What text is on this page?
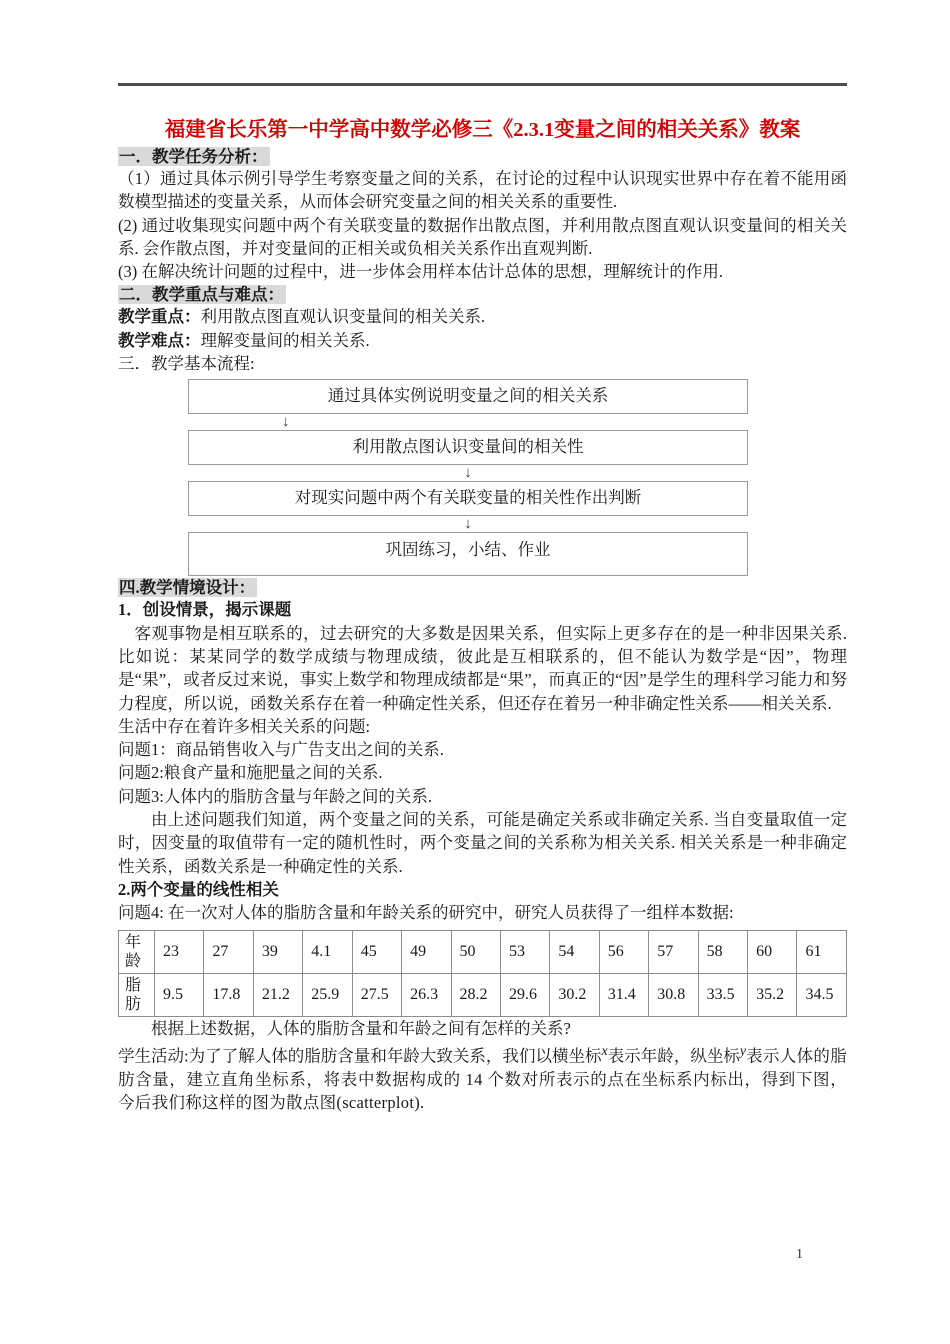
福建省长乐第一中学高中数学必修三《2.3.1变量之间的相关关系》教案
一．教学任务分析：

（1）通过具体示例引导学生考察变量之间的关系，在讨论的过程中认识现实世界中存在着不能用函数模型描述的变量关系，从而体会研究变量之间的相关关系的重要性.

(2) 通过收集现实问题中两个有关联变量的数据作出散点图，并利用散点图直观认识变量间的相关关系. 会作散点图，并对变量间的正相关或负相关关系作出直观判断.

(3) 在解决统计问题的过程中，进一步体会用样本估计总体的思想，理解统计的作用.

二．教学重点与难点：

教学重点：利用散点图直观认识变量间的相关关系.

教学难点：理解变量间的相关关系.

三．教学基本流程:

通过具体实例说明变量之间的相关关系
↓
利用散点图认识变量间的相关性
↓
对现实问题中两个有关联变量的相关性作出判断
↓
巩固练习，小结、作业
四.教学情境设计：

1．创设情景，揭示课题

客观事物是相互联系的，过去研究的大多数是因果关系，但实际上更多存在的是一种非因果关系. 比如说：某某同学的数学成绩与物理成绩，彼此是互相联系的，但不能认为数学是“因”，物理是“果”，或者反过来说，事实上数学和物理成绩都是“果”，而真正的“因”是学生的理科学习能力和努力程度，所以说，函数关系存在着一种确定性关系，但还存在着另一种非确定性关系——相关关系.

生活中存在着许多相关关系的问题:

问题1：商品销售收入与广告支出之间的关系.

问题2:粮食产量和施肥量之间的关系.

问题3:人体内的脂肪含量与年龄之间的关系.

由上述问题我们知道，两个变量之间的关系，可能是确定关系或非确定关系. 当自变量取值一定时，因变量的取值带有一定的随机性时，两个变量之间的关系称为相关关系. 相关关系是一种非确定性关系，函数关系是一种确定性的关系.

2.两个变量的线性相关

问题4: 在一次对人体的脂肪含量和年龄关系的研究中，研究人员获得了一组样本数据:

年
龄	23	27	39	4.1	45	49	50	53	54	56	57	58	60	61

脂
肪	9.5	17.8	21.2	25.9	27.5	26.3	28.2	29.6	30.2	31.4	30.8	33.5	35.2	34.5

根据上述数据，人体的脂肪含量和年龄之间有怎样的关系?

学生活动:为了了解人体的脂肪含量和年龄大致关系，我们以横坐标$^x$表示年龄，纵坐标$^y$表示人体的脂肪含量，建立直角坐标系，将表中数据构成的 14 个数对所表示的点在坐标系内标出，得到下图，今后我们称这样的图为散点图(scatterplot).

1
